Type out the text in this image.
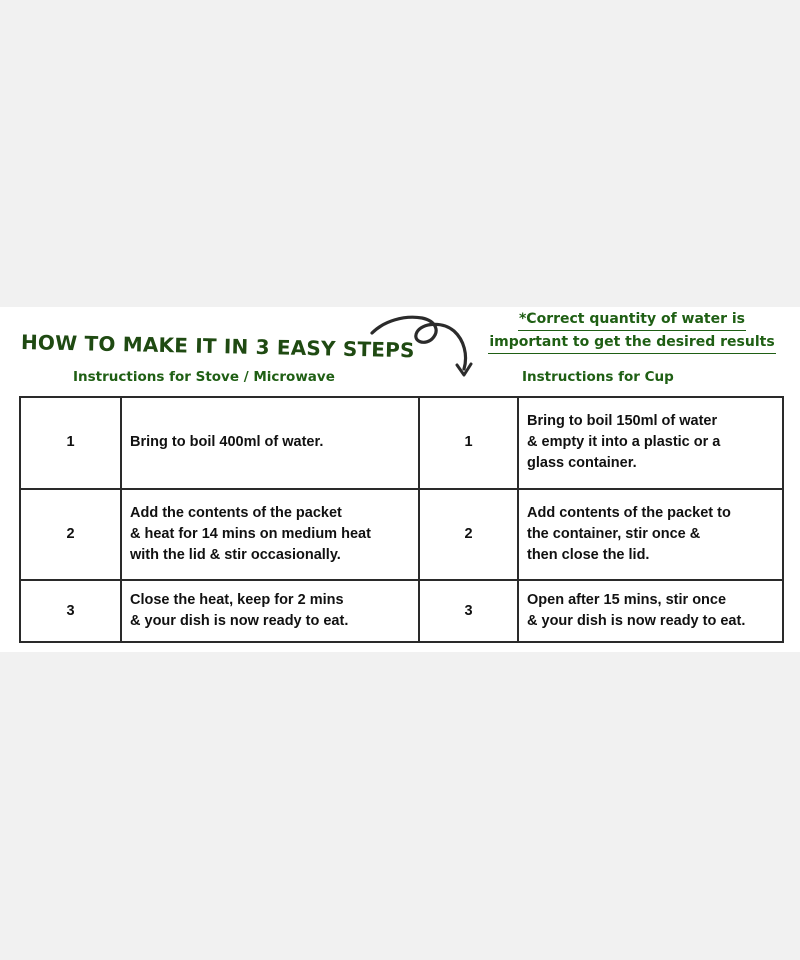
HOW TO MAKE IT IN 3 EASY STEPS
*Correct quantity of water is
important to get the desired results
Instructions for Stove / Microwave	Instructions for Cup
1	Bring to boil 400ml of water.	1	Bring to boil 150ml of water
& empty it into a plastic or a
glass container.
2	Add the contents of the packet
& heat for 14 mins on medium heat
with the lid & stir occasionally.	2	Add contents of the packet to
the container, stir once &
then close the lid.
3	Close the heat, keep for 2 mins
& your dish is now ready to eat.	3	Open after 15 mins, stir once
& your dish is now ready to eat.
